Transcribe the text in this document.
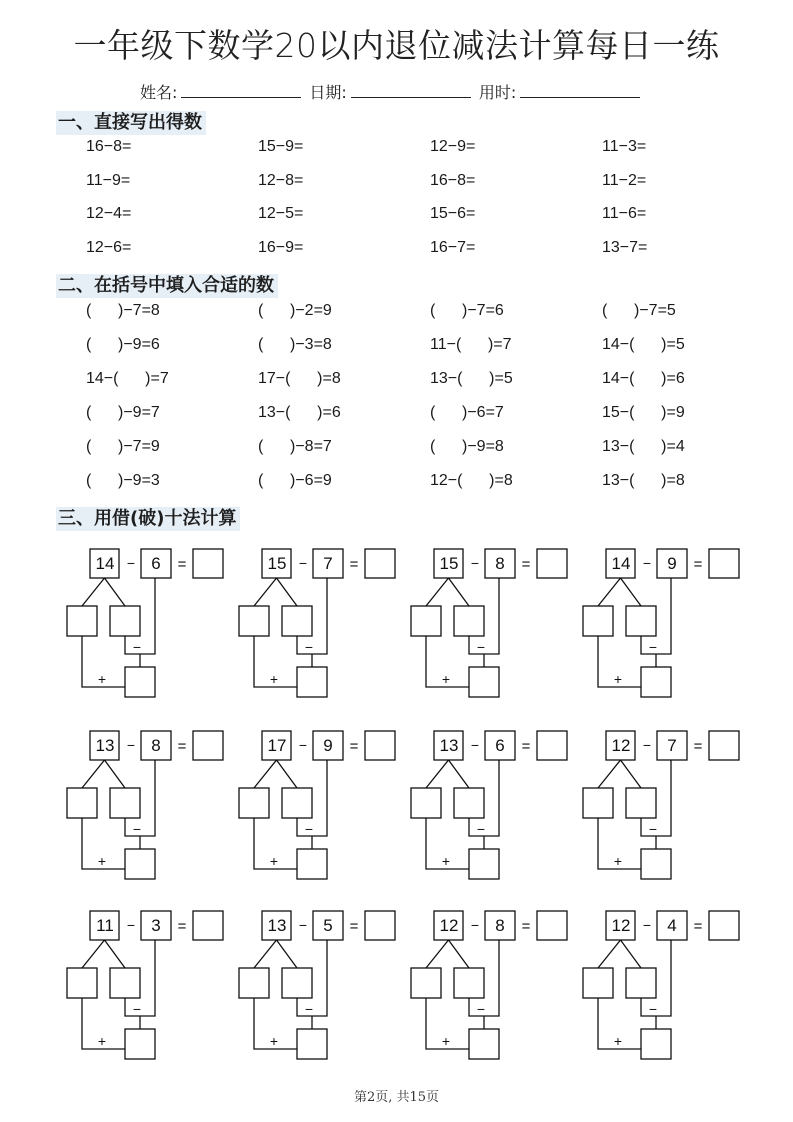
一年级下数学20以内退位减法计算每日一练
姓名:	日期:	用时:
一、直接写出得数
二、在括号中填入合适的数
三、用借(破)十法计算
16−8=	15−9=	12−9=	11−3=
11−9=	12−8=	16−8=	11−2=
12−4=	12−5=	15−6=	11−6=
12−6=	16−9=	16−7=	13−7=
(      )−7=8	(      )−2=9	(      )−7=6	(      )−7=5
(      )−9=6	(      )−3=8	11−(      )=7	14−(      )=5
14−(      )=7	17−(      )=8	13−(      )=5	14−(      )=6
(      )−9=7	13−(      )=6	(      )−6=7	15−(      )=9
(      )−7=9	(      )−8=7	(      )−9=8	13−(      )=4
(      )−9=3	(      )−6=9	12−(      )=8	13−(      )=8
−	=
−
+
14	6	−	=
−
+
15	7	−	=
−
+
15	8	−	=
−
+
14	9
−	=
−
+
13	8	−	=
−
+
17	9	−	=
−
+
13	6	−	=
−
+
12	7
−	=
−
+
11	3	−	=
−
+
13	5	−	=
−
+
12	8	−	=
−
+
12	4
第2页, 共15页
